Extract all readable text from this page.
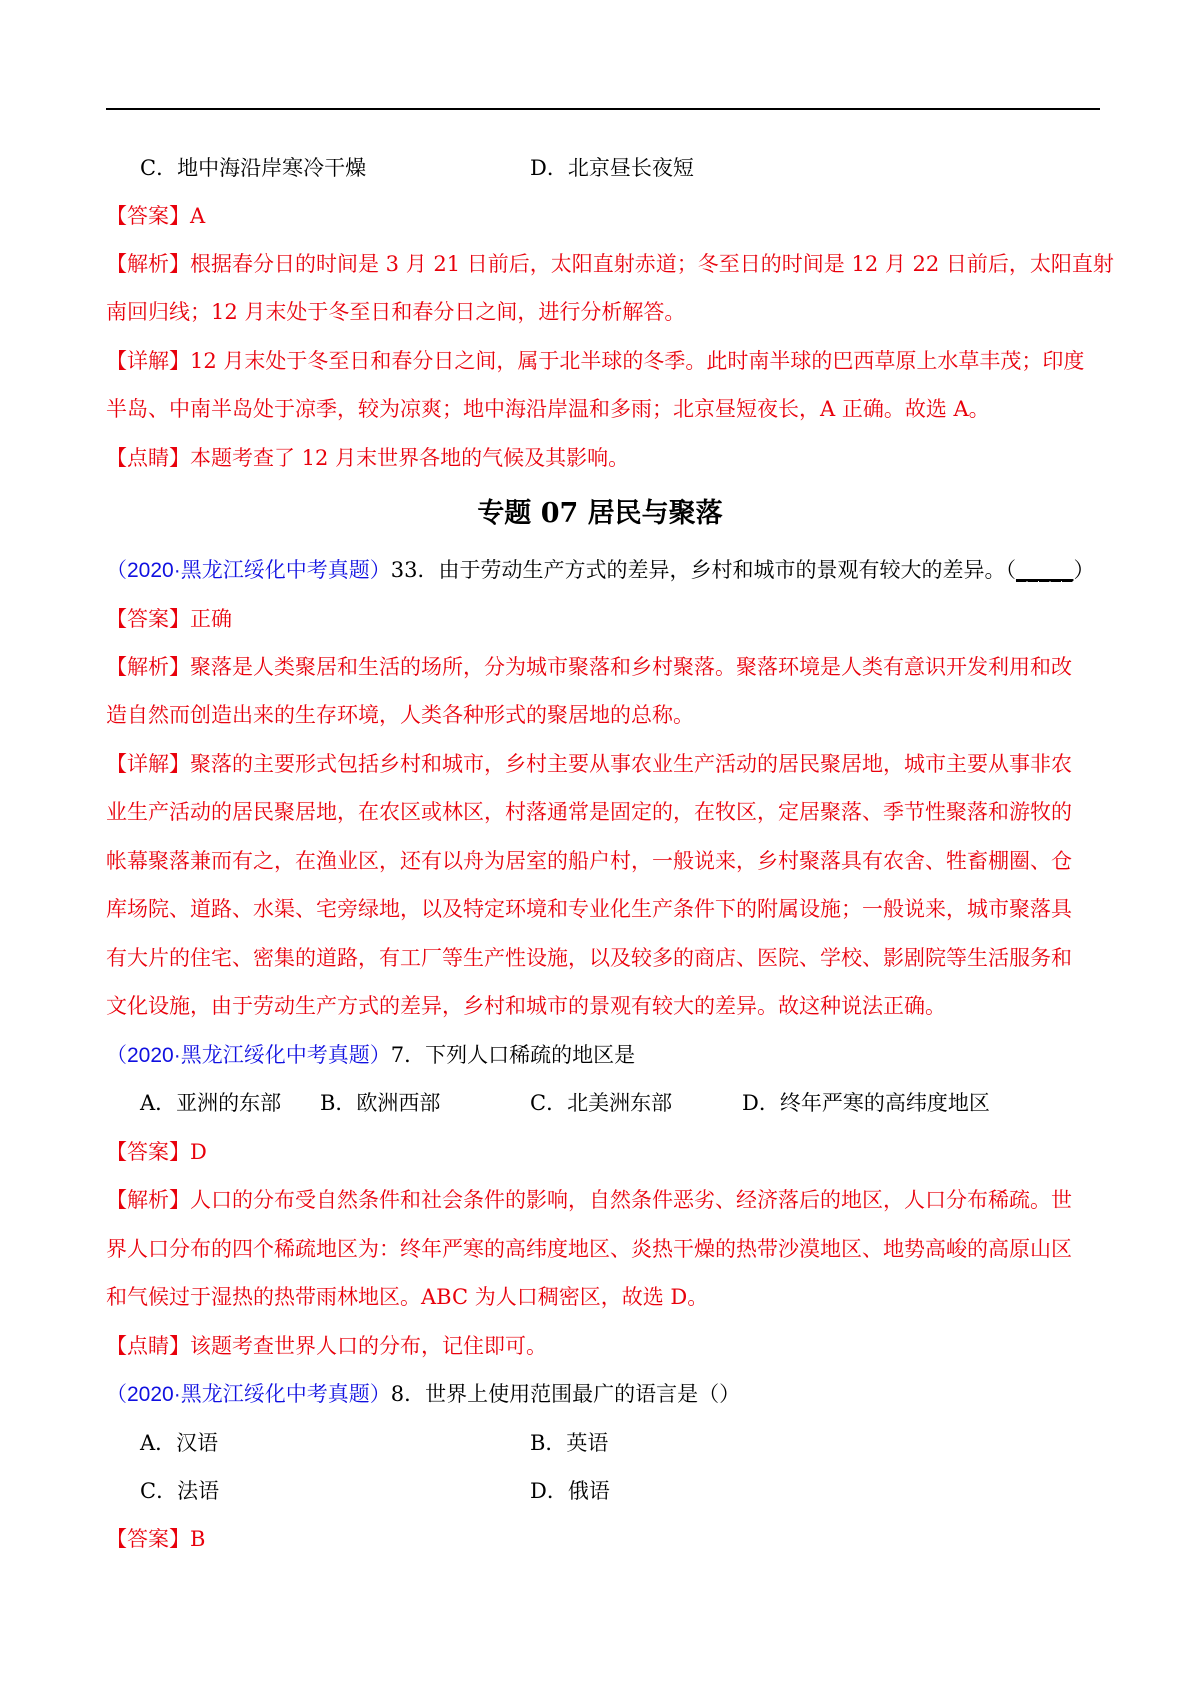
C．地中海沿岸寒冷干燥	D．北京昼长夜短
【答案】A
【解析】根据春分日的时间是 3 月 21 日前后，太阳直射赤道；冬至日的时间是 12 月 22 日前后，太阳直射
南回归线；12 月末处于冬至日和春分日之间，进行分析解答。
【详解】12 月末处于冬至日和春分日之间，属于北半球的冬季。此时南半球的巴西草原上水草丰茂；印度
半岛、中南半岛处于凉季，较为凉爽；地中海沿岸温和多雨；北京昼短夜长，A 正确。故选 A。
【点睛】本题考查了 12 月末世界各地的气候及其影响。
专题 07 居民与聚落
（2020·黑龙江绥化中考真题）33．由于劳动生产方式的差异，乡村和城市的景观有较大的差异。（_____）
【答案】正确
【解析】聚落是人类聚居和生活的场所，分为城市聚落和乡村聚落。聚落环境是人类有意识开发利用和改
造自然而创造出来的生存环境，人类各种形式的聚居地的总称。
【详解】聚落的主要形式包括乡村和城市，乡村主要从事农业生产活动的居民聚居地，城市主要从事非农
业生产活动的居民聚居地，在农区或林区，村落通常是固定的，在牧区，定居聚落、季节性聚落和游牧的
帐幕聚落兼而有之，在渔业区，还有以舟为居室的船户村，一般说来，乡村聚落具有农舍、牲畜棚圈、仓
库场院、道路、水渠、宅旁绿地，以及特定环境和专业化生产条件下的附属设施；一般说来，城市聚落具
有大片的住宅、密集的道路，有工厂等生产性设施，以及较多的商店、医院、学校、影剧院等生活服务和
文化设施，由于劳动生产方式的差异，乡村和城市的景观有较大的差异。故这种说法正确。
（2020·黑龙江绥化中考真题）7．下列人口稀疏的地区是
A．亚洲的东部 B．欧洲西部	C．北美洲东部	D．终年严寒的高纬度地区
【答案】D
【解析】人口的分布受自然条件和社会条件的影响，自然条件恶劣、经济落后的地区，人口分布稀疏。世
界人口分布的四个稀疏地区为：终年严寒的高纬度地区、炎热干燥的热带沙漠地区、地势高峻的高原山区
和气候过于湿热的热带雨林地区。ABC 为人口稠密区，故选 D。
【点睛】该题考查世界人口的分布，记住即可。
（2020·黑龙江绥化中考真题）8．世界上使用范围最广的语言是（）
A．汉语	B．英语
C．法语	D．俄语
【答案】B
